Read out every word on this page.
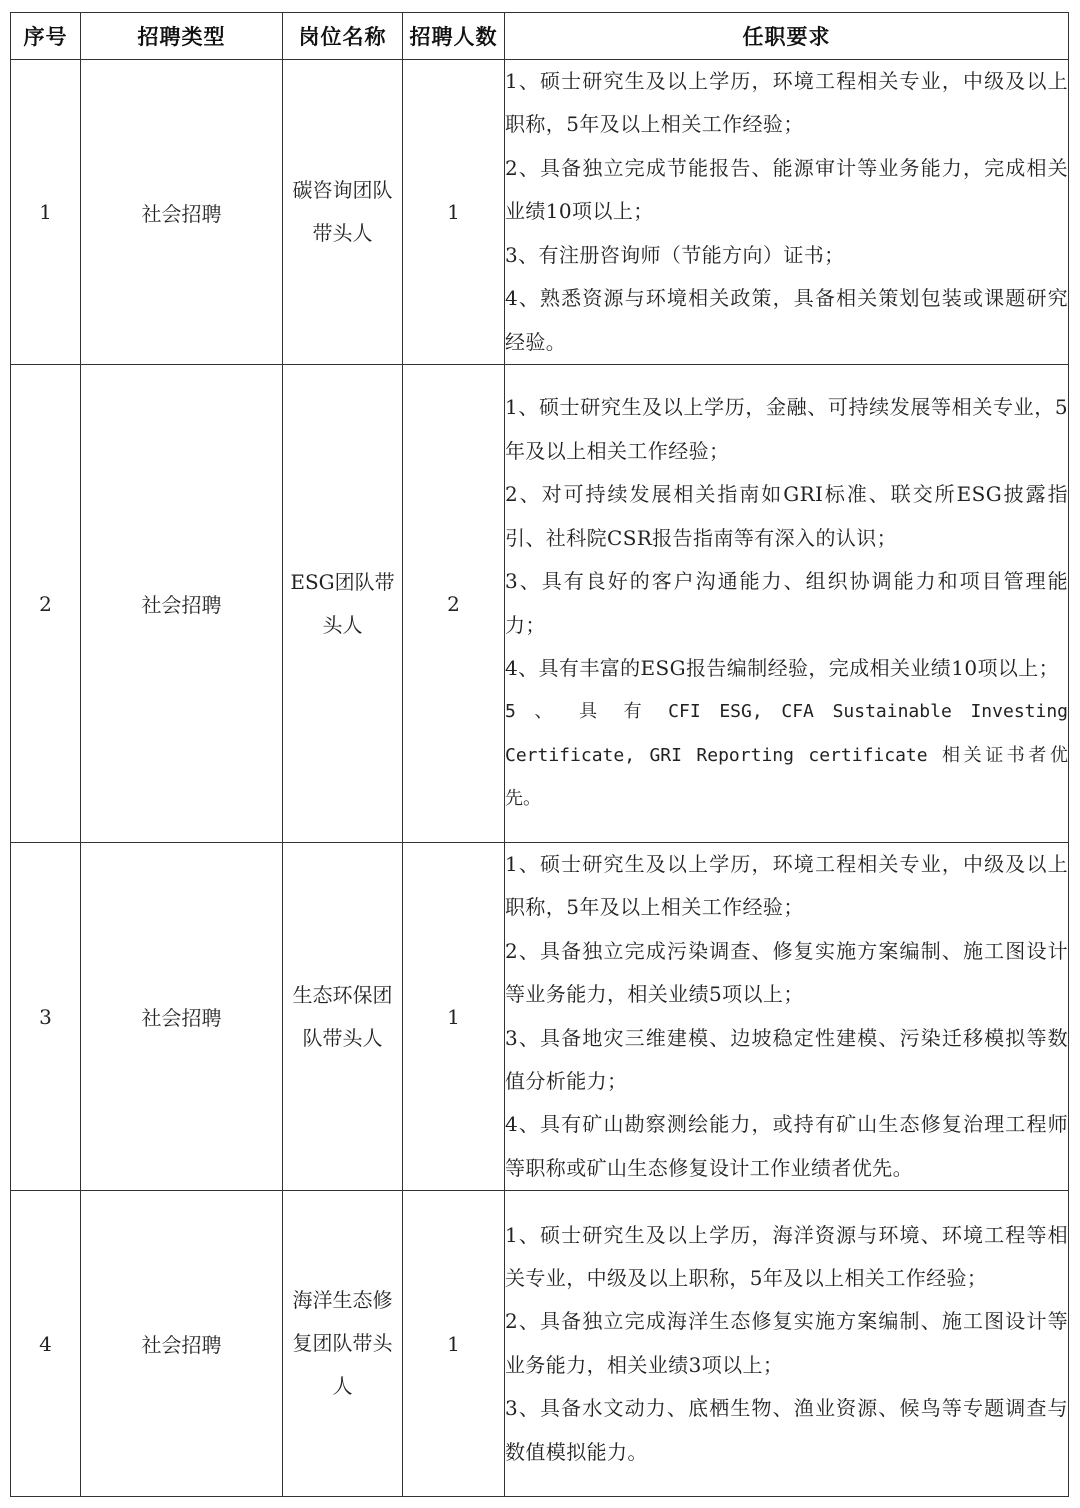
序号	招聘类型	岗位名称	招聘人数	任职要求
1	社会招聘	碳咨询团队带头人	1	1、硕士研究生及以上学历，环境工程相关专业，中级及以上职称，5年及以上相关工作经验；
2、具备独立完成节能报告、能源审计等业务能力，完成相关业绩10项以上；
3、有注册咨询师（节能方向）证书；
4、熟悉资源与环境相关政策，具备相关策划包装或课题研究经验。

2	社会招聘	ESG团队带头人	2	1、硕士研究生及以上学历，金融、可持续发展等相关专业，5年及以上相关工作经验；
2、对可持续发展相关指南如GRI标准、联交所ESG披露指引、社科院CSR报告指南等有深入的认识；
3、具有良好的客户沟通能力、组织协调能力和项目管理能力；
4、具有丰富的ESG报告编制经验，完成相关业绩10项以上；
5 、 具 有 CFI ESG, CFA Sustainable Investing Certificate, GRI Reporting certificate 相关证书者优先。

3	社会招聘	生态环保团队带头人	1	1、硕士研究生及以上学历，环境工程相关专业，中级及以上职称，5年及以上相关工作经验；
2、具备独立完成污染调查、修复实施方案编制、施工图设计等业务能力，相关业绩5项以上；
3、具备地灾三维建模、边坡稳定性建模、污染迁移模拟等数值分析能力；
4、具有矿山勘察测绘能力，或持有矿山生态修复治理工程师等职称或矿山生态修复设计工作业绩者优先。

4	社会招聘	海洋生态修复团队带头人	1	1、硕士研究生及以上学历，海洋资源与环境、环境工程等相关专业，中级及以上职称，5年及以上相关工作经验；
2、具备独立完成海洋生态修复实施方案编制、施工图设计等业务能力，相关业绩3项以上；
3、具备水文动力、底栖生物、渔业资源、候鸟等专题调查与数值模拟能力。
